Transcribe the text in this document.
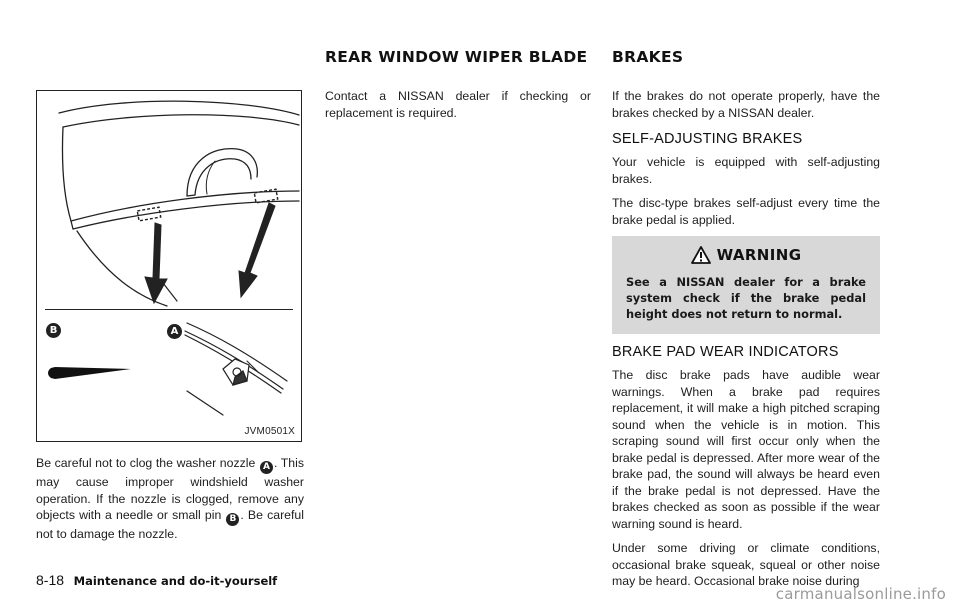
B	A
JVM0501X

Be careful not to clog the washer nozzle A . This may cause improper windshield washer operation. If the nozzle is clogged, remove any objects with a needle or small pin B . Be careful not to damage the nozzle.

REAR WINDOW WIPER BLADE

Contact a NISSAN dealer if checking or replacement is required.

BRAKES

If the brakes do not operate properly, have the brakes checked by a NISSAN dealer.

SELF-ADJUSTING BRAKES

Your vehicle is equipped with self-adjusting brakes.

The disc-type brakes self-adjust every time the brake pedal is applied.

WARNING

See a NISSAN dealer for a brake system check if the brake pedal height does not return to normal.

BRAKE PAD WEAR INDICATORS

The disc brake pads have audible wear warnings. When a brake pad requires replacement, it will make a high pitched scraping sound when the vehicle is in motion. This scraping sound will first occur only when the brake pedal is depressed. After more wear of the brake pad, the sound will always be heard even if the brake pedal is not depressed. Have the brakes checked as soon as possible if the wear warning sound is heard.

Under some driving or climate conditions, occasional brake squeak, squeal or other noise may be heard. Occasional brake noise during

8-18 Maintenance and do-it-yourself
carmanualsonline.info
